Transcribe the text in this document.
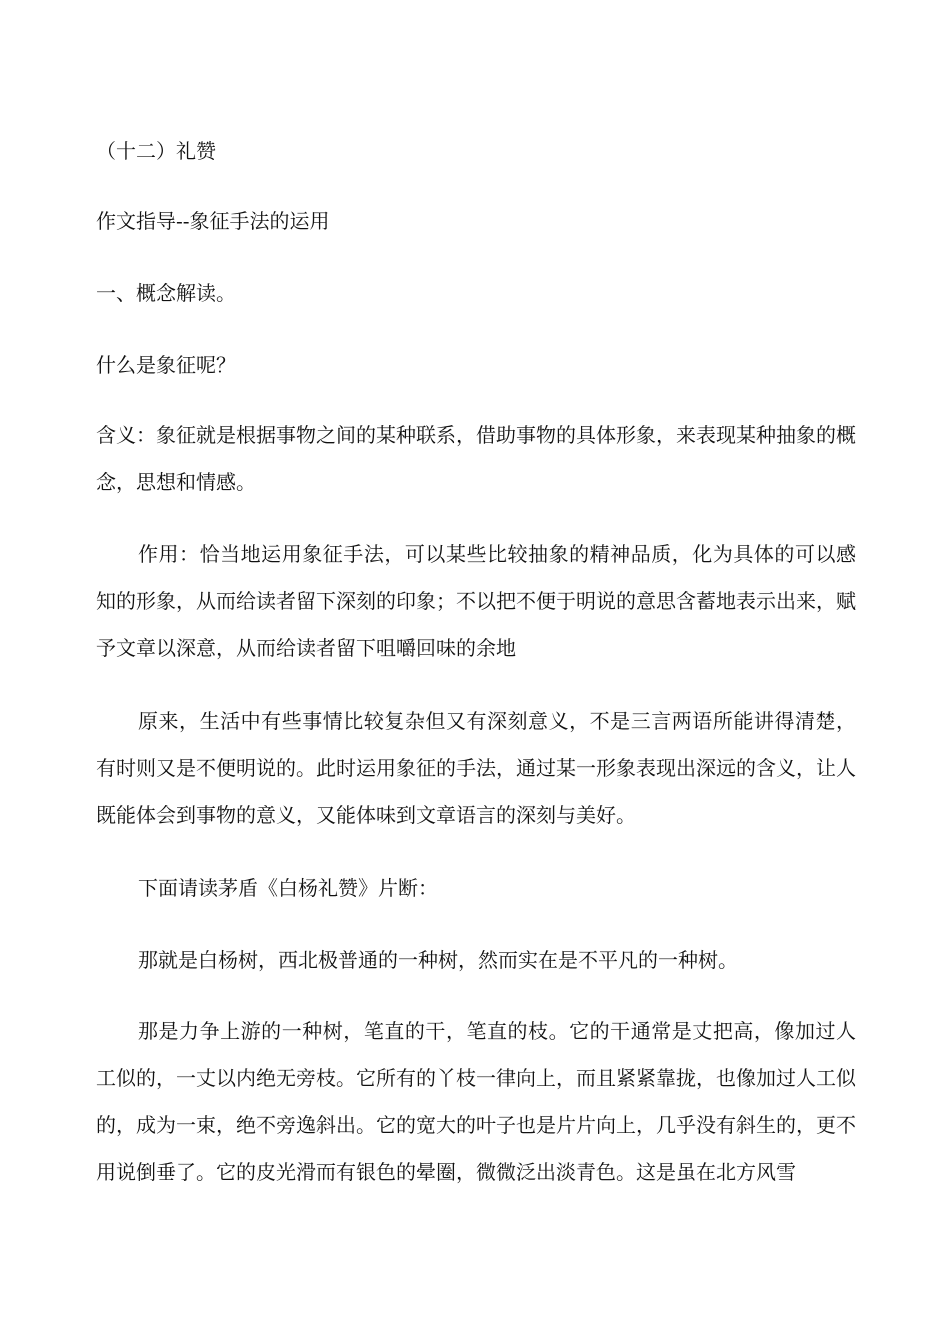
（十二）礼赞

作文指导--象征手法的运用

一、概念解读。

什么是象征呢？

含义：象征就是根据事物之间的某种联系，借助事物的具体形象，来表现某种抽象的概念，思想和情感。

作用：恰当地运用象征手法，可以某些比较抽象的精神品质，化为具体的可以感知的形象，从而给读者留下深刻的印象；不以把不便于明说的意思含蓄地表示出来，赋予文章以深意，从而给读者留下咀嚼回味的余地

原来，生活中有些事情比较复杂但又有深刻意义，不是三言两语所能讲得清楚，有时则又是不便明说的。此时运用象征的手法，通过某一形象表现出深远的含义，让人既能体会到事物的意义，又能体味到文章语言的深刻与美好。

下面请读茅盾《白杨礼赞》片断：

那就是白杨树，西北极普通的一种树，然而实在是不平凡的一种树。

那是力争上游的一种树，笔直的干，笔直的枝。它的干通常是丈把高，像加过人工似的，一丈以内绝无旁枝。它所有的丫枝一律向上，而且紧紧靠拢，也像加过人工似的，成为一束，绝不旁逸斜出。它的宽大的叶子也是片片向上，几乎没有斜生的，更不用说倒垂了。它的皮光滑而有银色的晕圈，微微泛出淡青色。这是虽在北方风雪
